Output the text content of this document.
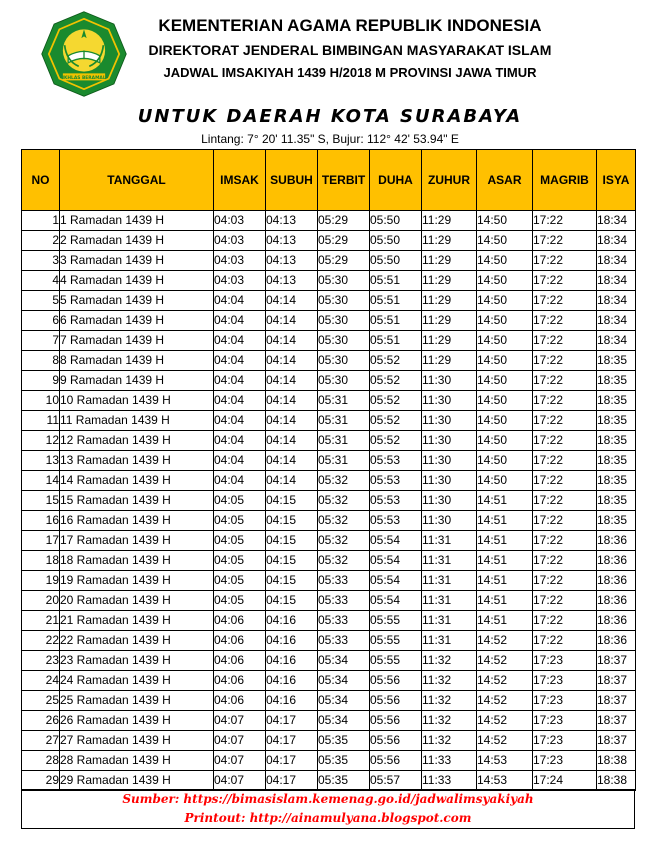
IKHLAS BERAMAL
KEMENTERIAN AGAMA REPUBLIK INDONESIA
DIREKTORAT JENDERAL BIMBINGAN MASYARAKAT ISLAM
JADWAL IMSAKIYAH 1439 H/2018 M PROVINSI JAWA TIMUR
UNTUK DAERAH KOTA SURABAYA
Lintang: 7° 20' 11.35" S, Bujur: 112° 42' 53.94" E
NO	TANGGAL	IMSAK	SUBUH	TERBIT	DUHA	ZUHUR	ASAR	MAGRIB	ISYA
1	1 Ramadan 1439 H	04:03	04:13	05:29	05:50	11:29	14:50	17:22	18:34
2	2 Ramadan 1439 H	04:03	04:13	05:29	05:50	11:29	14:50	17:22	18:34
3	3 Ramadan 1439 H	04:03	04:13	05:29	05:50	11:29	14:50	17:22	18:34
4	4 Ramadan 1439 H	04:03	04:13	05:30	05:51	11:29	14:50	17:22	18:34
5	5 Ramadan 1439 H	04:04	04:14	05:30	05:51	11:29	14:50	17:22	18:34
6	6 Ramadan 1439 H	04:04	04:14	05:30	05:51	11:29	14:50	17:22	18:34
7	7 Ramadan 1439 H	04:04	04:14	05:30	05:51	11:29	14:50	17:22	18:34
8	8 Ramadan 1439 H	04:04	04:14	05:30	05:52	11:29	14:50	17:22	18:35
9	9 Ramadan 1439 H	04:04	04:14	05:30	05:52	11:30	14:50	17:22	18:35
10	10 Ramadan 1439 H	04:04	04:14	05:31	05:52	11:30	14:50	17:22	18:35
11	11 Ramadan 1439 H	04:04	04:14	05:31	05:52	11:30	14:50	17:22	18:35
12	12 Ramadan 1439 H	04:04	04:14	05:31	05:52	11:30	14:50	17:22	18:35
13	13 Ramadan 1439 H	04:04	04:14	05:31	05:53	11:30	14:50	17:22	18:35
14	14 Ramadan 1439 H	04:04	04:14	05:32	05:53	11:30	14:50	17:22	18:35
15	15 Ramadan 1439 H	04:05	04:15	05:32	05:53	11:30	14:51	17:22	18:35
16	16 Ramadan 1439 H	04:05	04:15	05:32	05:53	11:30	14:51	17:22	18:35
17	17 Ramadan 1439 H	04:05	04:15	05:32	05:54	11:31	14:51	17:22	18:36
18	18 Ramadan 1439 H	04:05	04:15	05:32	05:54	11:31	14:51	17:22	18:36
19	19 Ramadan 1439 H	04:05	04:15	05:33	05:54	11:31	14:51	17:22	18:36
20	20 Ramadan 1439 H	04:05	04:15	05:33	05:54	11:31	14:51	17:22	18:36
21	21 Ramadan 1439 H	04:06	04:16	05:33	05:55	11:31	14:51	17:22	18:36
22	22 Ramadan 1439 H	04:06	04:16	05:33	05:55	11:31	14:52	17:22	18:36
23	23 Ramadan 1439 H	04:06	04:16	05:34	05:55	11:32	14:52	17:23	18:37
24	24 Ramadan 1439 H	04:06	04:16	05:34	05:56	11:32	14:52	17:23	18:37
25	25 Ramadan 1439 H	04:06	04:16	05:34	05:56	11:32	14:52	17:23	18:37
26	26 Ramadan 1439 H	04:07	04:17	05:34	05:56	11:32	14:52	17:23	18:37
27	27 Ramadan 1439 H	04:07	04:17	05:35	05:56	11:32	14:52	17:23	18:37
28	28 Ramadan 1439 H	04:07	04:17	05:35	05:56	11:33	14:53	17:23	18:38
29	29 Ramadan 1439 H	04:07	04:17	05:35	05:57	11:33	14:53	17:24	18:38
Sumber: https://bimasislam.kemenag.go.id/jadwalimsyakiyah
Printout: http://ainamulyana.blogspot.com
